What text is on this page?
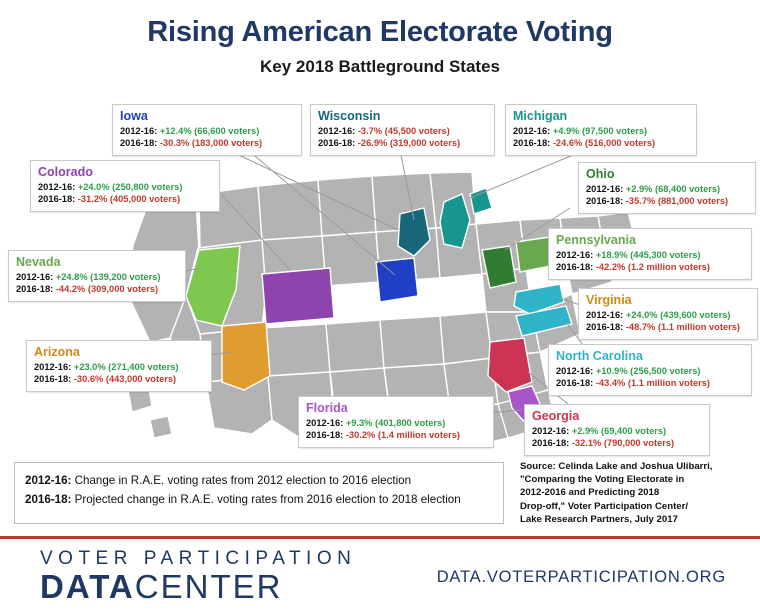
Rising American Electorate Voting
Key 2018 Battleground States
Iowa
2012-16: +12.4% (66,600 voters)
2016-18: -30.3% (183,000 voters)
Wisconsin
2012-16: -3.7% (45,500 voters)
2016-18: -26.9% (319,000 voters)
Michigan
2012-16: +4.9% (97,500 voters)
2016-18: -24.6% (516,000 voters)
Colorado
2012-16: +24.0% (250,800 voters)
2016-18: -31.2% (405,000 voters)
Ohio
2012-16: +2.9% (68,400 voters)
2016-18: -35.7% (881,000 voters)
Nevada
2012-16: +24.8% (139,200 voters)
2016-18: -44.2% (309,000 voters)
Pennsylvania
2012-16: +18.9% (445,300 voters)
2016-18: -42.2% (1.2 million voters)
Virginia
2012-16: +24.0% (439,600 voters)
2016-18: -48.7% (1.1 million voters)
Arizona
2012-16: +23.0% (271,400 voters)
2016-18: -30.6% (443,000 voters)
North Carolina
2012-16: +10.9% (256,500 voters)
2016-18: -43.4% (1.1 million voters)
Florida
2012-16: +9.3% (401,800 voters)
2016-18: -30.2% (1.4 million voters)
Georgia
2012-16: +2.9% (69,400 voters)
2016-18: -32.1% (790,000 voters)
2012-16: Change in R.A.E. voting rates from 2012 election to 2016 election
2016-18: Projected change in R.A.E. voting rates from 2016 election to 2018 election
Source: Celinda Lake and Joshua Ulibarri,
"Comparing the Voting Electorate in
2012-2016 and Predicting 2018
Drop-off," Voter Participation Center/
Lake Research Partners, July 2017
VOTER PARTICIPATION
DATACENTER	DATA.VOTERPARTICIPATION.ORG
